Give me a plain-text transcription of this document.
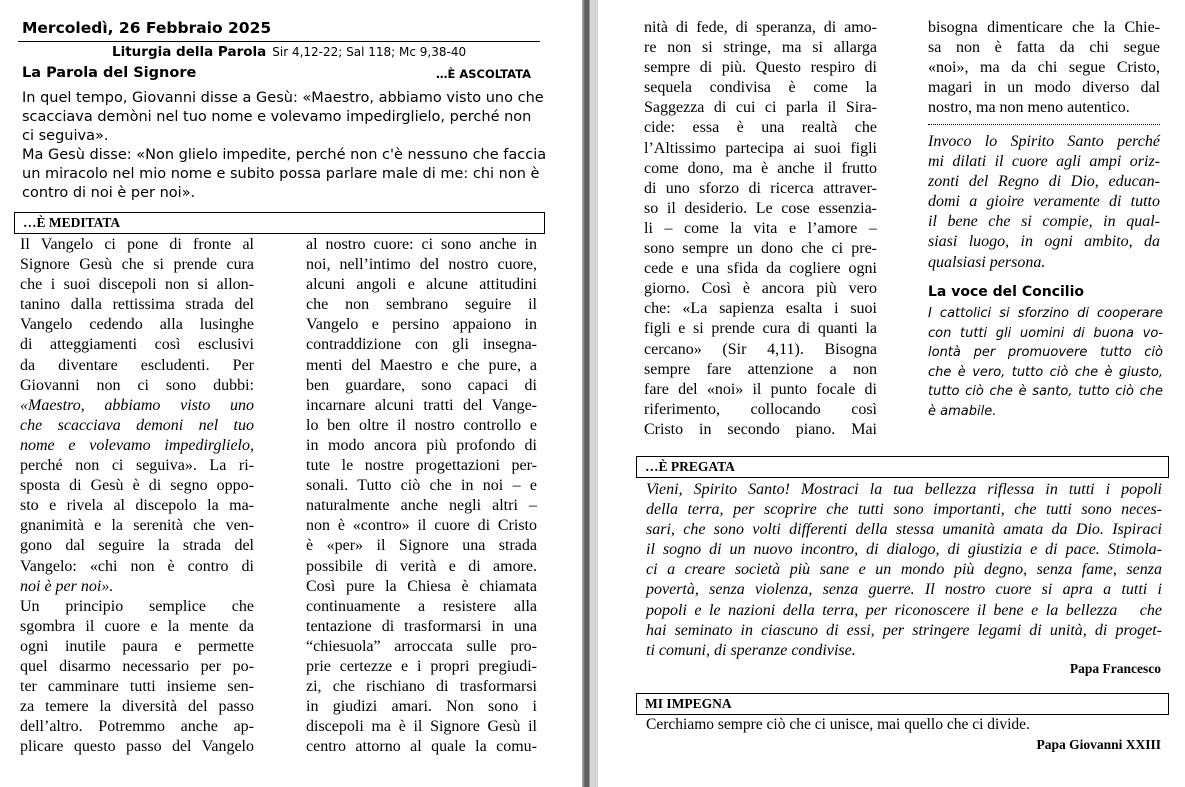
Mercoledì, 26 Febbraio 2025
Liturgia della Parola Sir 4,12-22; Sal 118; Mc 9,38-40
La Parola del Signore	…È ASCOLTATA
In quel tempo, Giovanni disse a Gesù: «Maestro, abbiamo visto uno che
scacciava demòni nel tuo nome e volevamo impedirglielo, perché non
ci seguiva».
Ma Gesù disse: «Non glielo impedite, perché non c'è nessuno che faccia
un miracolo nel mio nome e subito possa parlare male di me: chi non è
contro di noi è per noi».
…È MEDITATA
Il Vangelo ci pone di fronte al
Signore Gesù che si prende cura
che i suoi discepoli non si allon-
tanino dalla rettissima strada del
Vangelo cedendo alla lusinghe
di atteggiamenti così esclusivi
da diventare escludenti. Per
Giovanni non ci sono dubbi:
«Maestro, abbiamo visto uno
che scacciava demoni nel tuo
nome e volevamo impedirglielo,
perché non ci seguiva». La ri-
sposta di Gesù è di segno oppo-
sto e rivela al discepolo la ma-
gnanimità e la serenità che ven-
gono dal seguire la strada del
Vangelo: «chi non è contro di
noi è per noi».
Un principio semplice che
sgombra il cuore e la mente da
ogni inutile paura e permette
quel disarmo necessario per po-
ter camminare tutti insieme sen-
za temere la diversità del passo
dell’altro. Potremmo anche ap-
plicare questo passo del Vangelo
al nostro cuore: ci sono anche in
noi, nell’intimo del nostro cuore,
alcuni angoli e alcune attitudini
che non sembrano seguire il
Vangelo e persino appaiono in
contraddizione con gli insegna-
menti del Maestro e che pure, a
ben guardare, sono capaci di
incarnare alcuni tratti del Vange-
lo ben oltre il nostro controllo e
in modo ancora più profondo di
tute le nostre progettazioni per-
sonali. Tutto ciò che in noi – e
naturalmente anche negli altri –
non è «contro» il cuore di Cristo
è «per» il Signore una strada
possibile di verità e di amore.
Così pure la Chiesa è chiamata
continuamente a resistere alla
tentazione di trasformarsi in una
“chiesuola” arroccata sulle pro-
prie certezze e i propri pregiudi-
zi, che rischiano di trasformarsi
in giudizi amari. Non sono i
discepoli ma è il Signore Gesù il
centro attorno al quale la comu-
nità di fede, di speranza, di amo-
re non si stringe, ma si allarga
sempre di più. Questo respiro di
sequela condivisa è come la
Saggezza di cui ci parla il Sira-
cide: essa è una realtà che
l’Altissimo partecipa ai suoi figli
come dono, ma è anche il frutto
di uno sforzo di ricerca attraver-
so il desiderio. Le cose essenzia-
li – come la vita e l’amore –
sono sempre un dono che ci pre-
cede e una sfida da cogliere ogni
giorno. Così è ancora più vero
che: «La sapienza esalta i suoi
figli e si prende cura di quanti la
cercano» (Sir 4,11). Bisogna
sempre fare attenzione a non
fare del «noi» il punto focale di
riferimento, collocando così
Cristo in secondo piano. Mai
bisogna dimenticare che la Chie-
sa non è fatta da chi segue
«noi», ma da chi segue Cristo,
magari in un modo diverso dal
nostro, ma non meno autentico.
Invoco lo Spirito Santo perché
mi dilati il cuore agli ampi oriz-
zonti del Regno di Dio, educan-
domi a gioire veramente di tutto
il bene che si compie, in qual-
siasi luogo, in ogni ambito, da
qualsiasi persona.
La voce del Concilio
I cattolici si sforzino di cooperare
con tutti gli uomini di buona vo-
lontà per promuovere tutto ciò
che è vero, tutto ciò che è giusto,
tutto ciò che è santo, tutto ciò che
è amabile.
…È PREGATA
Vieni, Spirito Santo! Mostraci la tua bellezza riflessa in tutti i popoli
della terra, per scoprire che tutti sono importanti, che tutti sono neces-
sari, che sono volti differenti della stessa umanità amata da Dio. Ispiraci
il sogno di un nuovo incontro, di dialogo, di giustizia e di pace. Stimola-
ci a creare società più sane e un mondo più degno, senza fame, senza
povertà, senza violenza, senza guerre. Il nostro cuore si apra a tutti i
popoli e le nazioni della terra, per riconoscere il bene e la bellezza   che
hai seminato in ciascuno di essi, per stringere legami di unità, di proget-
ti comuni, di speranze condivise.
Papa Francesco
MI IMPEGNA
Cerchiamo sempre ciò che ci unisce, mai quello che ci divide.
Papa Giovanni XXIII
